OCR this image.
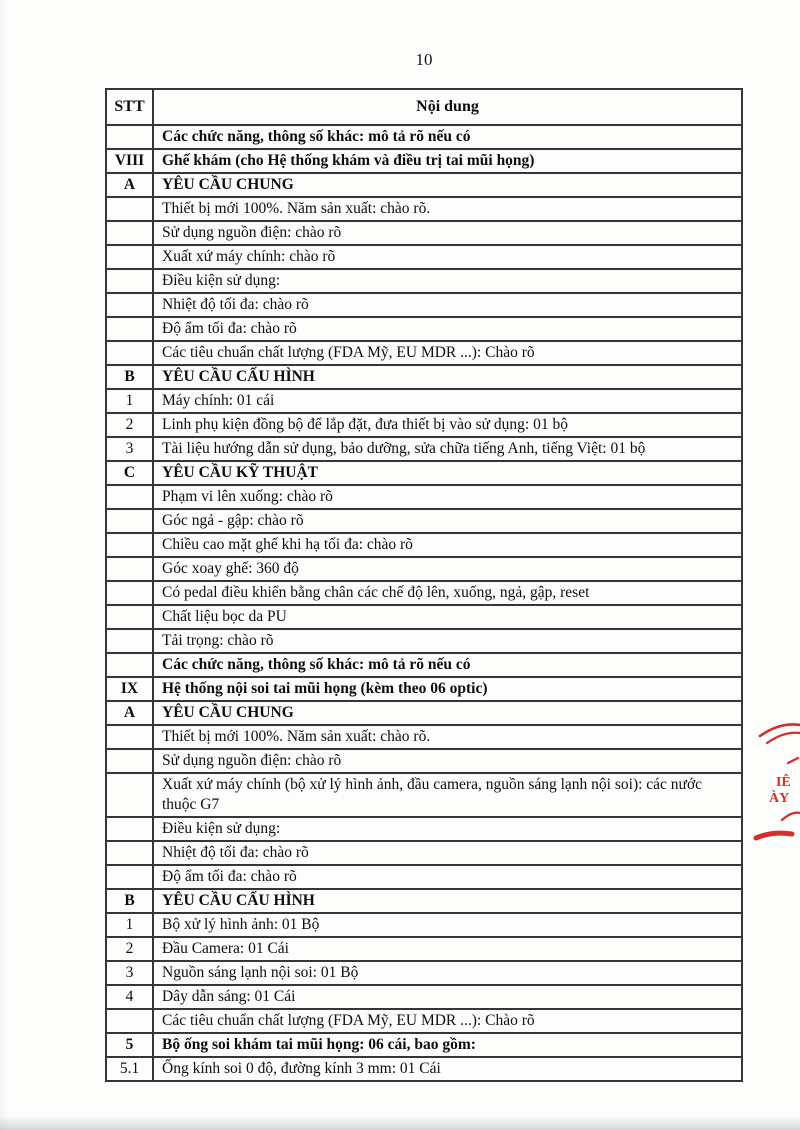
10
STT	Nội dung
	Các chức năng, thông số khác: mô tả rõ nếu có
VIII	Ghế khám (cho Hệ thống khám và điều trị tai mũi họng)
A	YÊU CẦU CHUNG
	Thiết bị mới 100%. Năm sản xuất: chào rõ.
	Sử dụng nguồn điện: chào rõ
	Xuất xứ máy chính: chào rõ
	Điều kiện sử dụng:
	Nhiệt độ tối đa: chào rõ
	Độ ẩm tối đa: chào rõ
	Các tiêu chuẩn chất lượng (FDA Mỹ, EU MDR ...): Chào rõ
B	YÊU CẦU CẤU HÌNH
1	Máy chính: 01 cái
2	Linh phụ kiện đồng bộ để lắp đặt, đưa thiết bị vào sử dụng: 01 bộ
3	Tài liệu hướng dẫn sử dụng, bảo dưỡng, sửa chữa tiếng Anh, tiếng Việt: 01 bộ
C	YÊU CẦU KỸ THUẬT
	Phạm vi lên xuống: chào rõ
	Góc ngả - gập: chào rõ
	Chiều cao mặt ghế khi hạ tối đa: chào rõ
	Góc xoay ghế: 360 độ
	Có pedal điều khiển bằng chân các chế độ lên, xuống, ngả, gập, reset
	Chất liệu bọc da PU
	Tải trọng: chào rõ
	Các chức năng, thông số khác: mô tả rõ nếu có
IX	Hệ thống nội soi tai mũi họng (kèm theo 06 optic)
A	YÊU CẦU CHUNG
	Thiết bị mới 100%. Năm sản xuất: chào rõ.
	Sử dụng nguồn điện: chào rõ
	Xuất xứ máy chính (bộ xử lý hình ảnh, đầu camera, nguồn sáng lạnh nội soi): các nước thuộc G7
	Điều kiện sử dụng:
	Nhiệt độ tối đa: chào rõ
	Độ ẩm tối đa: chào rõ
B	YÊU CẦU CẤU HÌNH
1	Bộ xử lý hình ảnh: 01 Bộ
2	Đầu Camera: 01 Cái
3	Nguồn sáng lạnh nội soi: 01 Bộ
4	Dây dẫn sáng: 01 Cái
	Các tiêu chuẩn chất lượng (FDA Mỹ, EU MDR ...): Chào rõ
5	Bộ ống soi khám tai mũi họng: 06 cái, bao gồm:
5.1	Ống kính soi 0 độ, đường kính 3 mm: 01 Cái
IÊ
ÀY
